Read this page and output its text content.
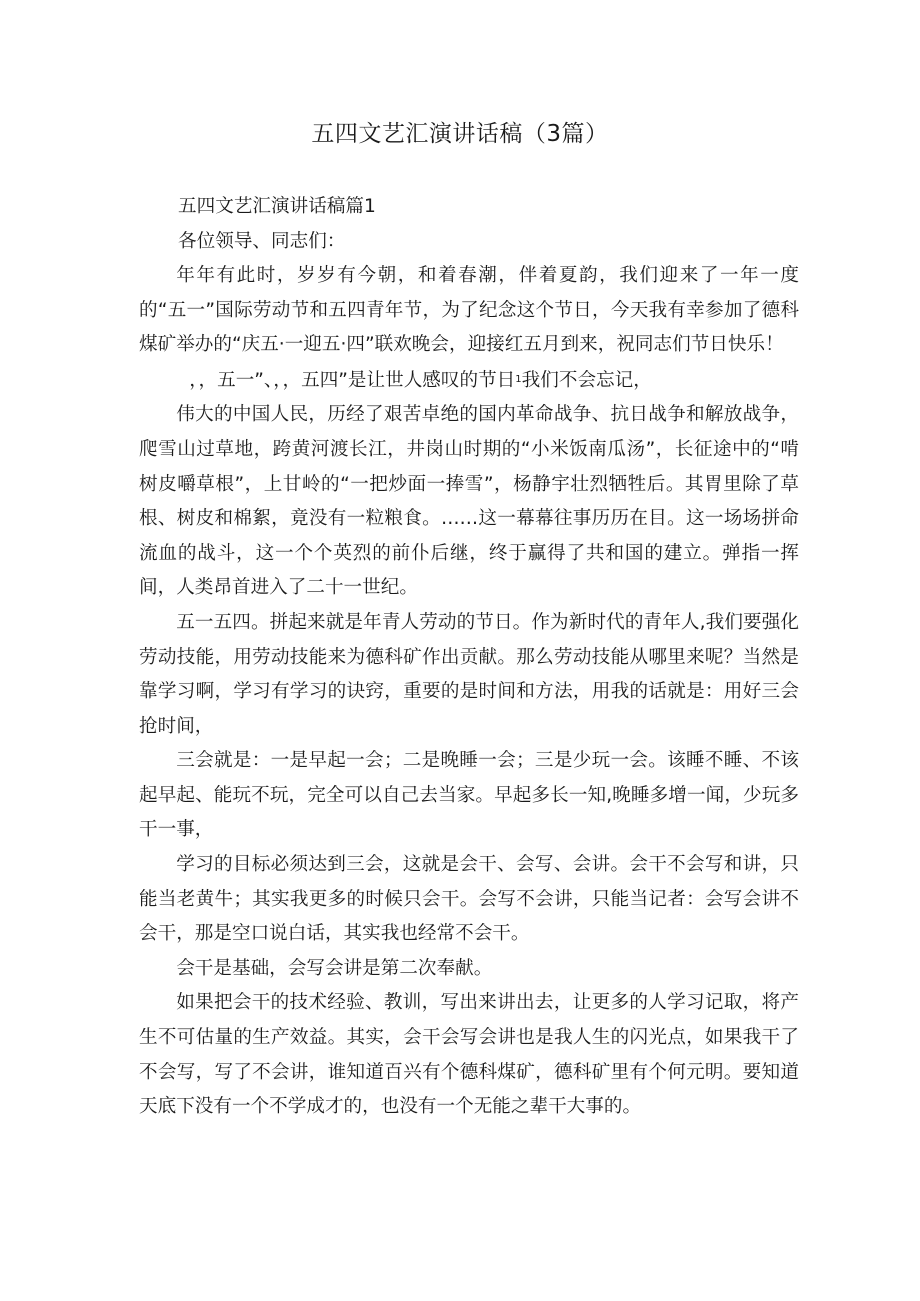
五四文艺汇演讲话稿（3篇）

五四文艺汇演讲话稿篇1

各位领导、同志们：

年年有此时，岁岁有今朝，和着春潮，伴着夏韵，我们迎来了一年一度的“五一”国际劳动节和五四青年节，为了纪念这个节日，今天我有幸参加了德科煤矿举办的“庆五·一迎五·四”联欢晚会，迎接红五月到来，祝同志们节日快乐！

，，五一”、，，五四”是让世人感叹的节日1我们不会忘记，

伟大的中国人民，历经了艰苦卓绝的国内革命战争、抗日战争和解放战争，爬雪山过草地，跨黄河渡长江，井岗山时期的“小米饭南瓜汤”，长征途中的“啃树皮嚼草根”，上甘岭的“一把炒面一捧雪”，杨静宇壮烈牺牲后。其胃里除了草根、树皮和棉絮，竟没有一粒粮食。……这一幕幕往事历历在目。这一场场拼命流血的战斗，这一个个英烈的前仆后继，终于赢得了共和国的建立。弹指一挥间，人类昂首进入了二十一世纪。

五一五四。拼起来就是年青人劳动的节日。作为新时代的青年人,我们要强化劳动技能，用劳动技能来为德科矿作出贡献。那么劳动技能从哪里来呢？当然是靠学习啊，学习有学习的诀窍，重要的是时间和方法，用我的话就是：用好三会抢时间，

三会就是：一是早起一会；二是晚睡一会；三是少玩一会。该睡不睡、不该起早起、能玩不玩，完全可以自己去当家。早起多长一知,晚睡多增一闻，少玩多干一事，

学习的目标必须达到三会，这就是会干、会写、会讲。会干不会写和讲，只能当老黄牛；其实我更多的时候只会干。会写不会讲，只能当记者：会写会讲不会干，那是空口说白话，其实我也经常不会干。

会干是基础，会写会讲是第二次奉献。

如果把会干的技术经验、教训，写出来讲出去，让更多的人学习记取，将产生不可估量的生产效益。其实，会干会写会讲也是我人生的闪光点，如果我干了不会写，写了不会讲，谁知道百兴有个德科煤矿，德科矿里有个何元明。要知道天底下没有一个不学成才的，也没有一个无能之辈干大事的。
